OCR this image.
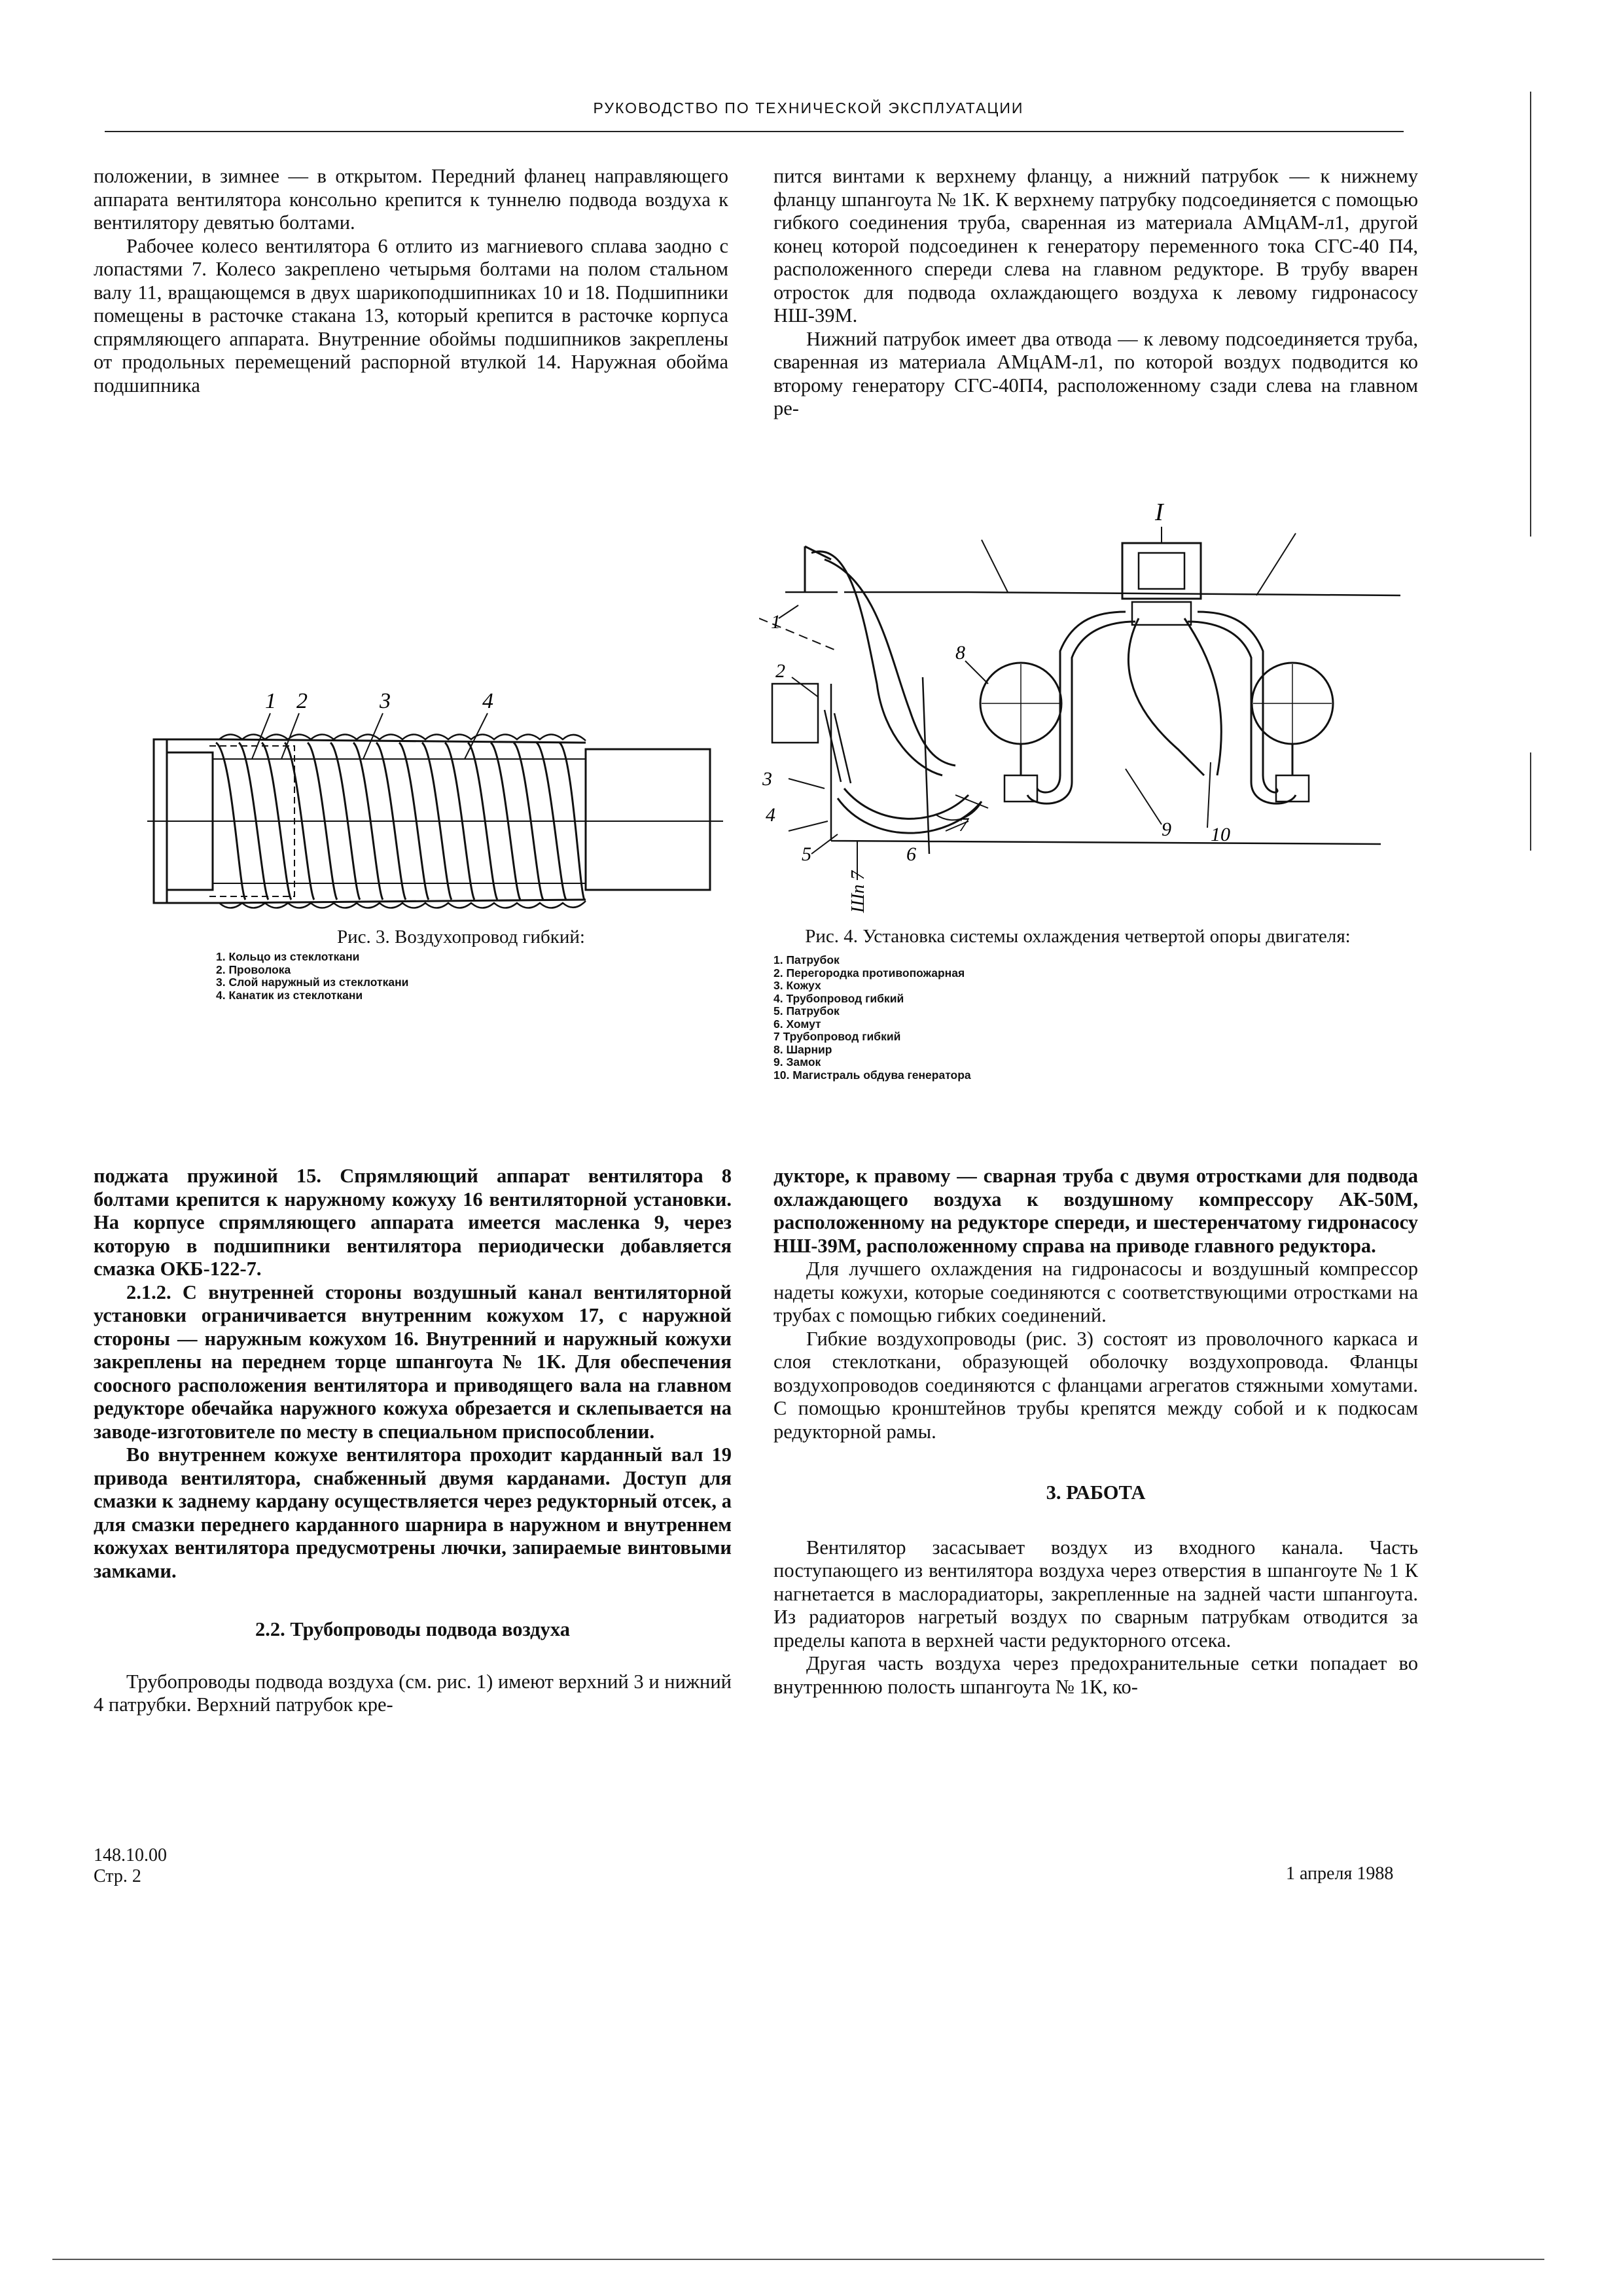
РУКОВОДСТВО ПО ТЕХНИЧЕСКОЙ ЭКСПЛУАТАЦИИ

положении, в зимнее — в открытом. Передний фланец направляющего аппарата вентилятора консольно крепится к туннелю подвода воздуха к вентилятору девятью болтами.

Рабочее колесо вентилятора 6 отлито из магниевого сплава заодно с лопастями 7. Колесо закреплено четырьмя болтами на полом стальном валу 11, вращающемся в двух шарикоподшипниках 10 и 18. Подшипники помещены в расточке стакана 13, который крепится в расточке корпуса спрямляющего аппарата. Внутренние обоймы подшипников закреплены от продольных перемещений распорной втулкой 14. Наружная обойма подшипника

пится винтами к верхнему фланцу, а нижний патрубок — к нижнему фланцу шпангоута № 1К. К верхнему патрубку подсоединяется с помощью гибкого соединения труба, сваренная из материала АМцАМ-л1, другой конец которой подсоединен к генератору переменного тока СГС-40 П4, расположенного спереди слева на главном редукторе. В трубу вварен отросток для подвода охлаждающего воздуха к левому гидронасосу НШ-39М.

Нижний патрубок имеет два отвода — к левому подсоединяется труба, сваренная из материала АМцАМ-л1, по которой воздух подводится ко второму генератору СГС-40П4, расположенному сзади слева на главном ре-

1 2	3	4
Рис. 3. Воздухопровод гибкий:
1. Кольцо из стеклоткани
2. Проволока
3. Слой наружный из стеклоткани
4. Канатик из стеклоткани
I
1
2
3
4
5	6
7
8
9 10
Шп 7
Рис. 4. Установка системы охлаждения четвертой опоры двигателя:
1. Патрубок
2. Перегородка противопожарная
3. Кожух
4. Трубопровод гибкий
5. Патрубок
6. Хомут
7 Трубопровод гибкий
8. Шарнир
9. Замок
10. Магистраль обдува генератора

поджата пружиной 15. Спрямляющий аппарат вентилятора 8 болтами крепится к наружному кожуху 16 вентиляторной установки. На корпусе спрямляющего аппарата имеется масленка 9, через которую в подшипники вентилятора периодически добавляется смазка ОКБ-122-7.

2.1.2. С внутренней стороны воздушный канал вентиляторной установки ограничивается внутренним кожухом 17, с наружной стороны — наружным кожухом 16. Внутренний и наружный кожухи закреплены на переднем торце шпангоута № 1К. Для обеспечения соосного расположения вентилятора и приводящего вала на главном редукторе обечайка наружного кожуха обрезается и склепывается на заводе-изготовителе по месту в специальном приспособлении.

Во внутреннем кожухе вентилятора проходит карданный вал 19 привода вентилятора, снабженный двумя карданами. Доступ для смазки к заднему кардану осуществляется через редукторный отсек, а для смазки переднего карданного шарнира в наружном и внутреннем кожухах вентилятора предусмотрены лючки, запираемые винтовыми замками.

2.2. Трубопроводы подвода воздуха

Трубопроводы подвода воздуха (см. рис. 1) имеют верхний 3 и нижний 4 патрубки. Верхний патрубок кре-

дукторе, к правому — сварная труба с двумя отростками для подвода охлаждающего воздуха к воздушному компрессору АК-50М, расположенному на редукторе спереди, и шестеренчатому гидронасосу НШ-39М, расположенному справа на приводе главного редуктора.

Для лучшего охлаждения на гидронасосы и воздушный компрессор надеты кожухи, которые соединяются с соответствующими отростками на трубах с помощью гибких соединений.

Гибкие воздухопроводы (рис. 3) состоят из проволочного каркаса и слоя стеклоткани, образующей оболочку воздухопровода. Фланцы воздухопроводов соединяются с фланцами агрегатов стяжными хомутами. С помощью кронштейнов трубы крепятся между собой и к подкосам редукторной рамы.

3. РАБОТА

Вентилятор засасывает воздух из входного канала. Часть поступающего из вентилятора воздуха через отверстия в шпангоуте № 1 К нагнетается в маслорадиаторы, закрепленные на задней части шпангоута. Из радиаторов нагретый воздух по сварным патрубкам отводится за пределы капота в верхней части редукторного отсека.

Другая часть воздуха через предохранительные сетки попадает во внутреннюю полость шпангоута № 1К, ко-

148.10.00
Стр. 2	1 апреля 1988
